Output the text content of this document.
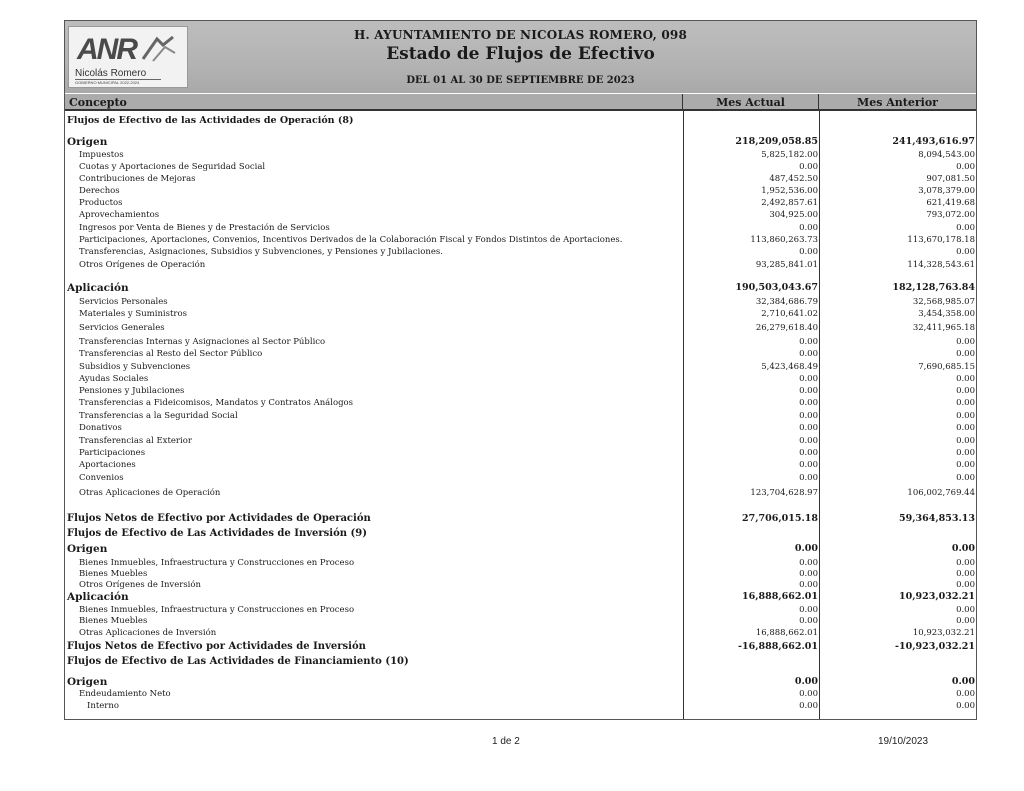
ANR
Nicolás Romero
GOBIERNO MUNICIPAL 2022-2024
H. AYUNTAMIENTO DE NICOLAS ROMERO, 098
Estado de Flujos de Efectivo
DEL 01 AL 30 DE SEPTIEMBRE DE 2023
Concepto	Mes Actual	Mes Anterior
Flujos de Efectivo de las Actividades de Operación (8)
Origen	218,209,058.85	241,493,616.97
Impuestos	5,825,182.00	8,094,543.00
Cuotas y Aportaciones de Seguridad Social	0.00	0.00
Contribuciones de Mejoras	487,452.50	907,081.50
Derechos	1,952,536.00	3,078,379.00
Productos	2,492,857.61	621,419.68
Aprovechamientos	304,925.00	793,072.00
Ingresos por Venta de Bienes y de Prestación de Servicios	0.00	0.00
Participaciones, Aportaciones, Convenios, Incentivos Derivados de la Colaboración Fiscal y Fondos Distintos de Aportaciones.	113,860,263.73	113,670,178.18
Transferencias, Asignaciones, Subsidios y Subvenciones, y Pensiones y Jubilaciones.	0.00	0.00
Otros Orígenes de Operación	93,285,841.01	114,328,543.61
Aplicación	190,503,043.67	182,128,763.84
Servicios Personales	32,384,686.79	32,568,985.07
Materiales y Suministros	2,710,641.02	3,454,358.00
Servicios Generales	26,279,618.40	32,411,965.18
Transferencias Internas y Asignaciones al Sector Público	0.00	0.00
Transferencias al Resto del Sector Público	0.00	0.00
Subsidios y Subvenciones	5,423,468.49	7,690,685.15
Ayudas Sociales	0.00	0.00
Pensiones y Jubilaciones	0.00	0.00
Transferencias a Fideicomisos, Mandatos y Contratos Análogos	0.00	0.00
Transferencias a la Seguridad Social	0.00	0.00
Donativos	0.00	0.00
Transferencias al Exterior	0.00	0.00
Participaciones	0.00	0.00
Aportaciones	0.00	0.00
Convenios	0.00	0.00
Otras Aplicaciones de Operación	123,704,628.97	106,002,769.44
Flujos Netos de Efectivo por Actividades de Operación	27,706,015.18	59,364,853.13
Flujos de Efectivo de Las Actividades de Inversión (9)
Origen	0.00	0.00
Bienes Inmuebles, Infraestructura y Construcciones en Proceso	0.00	0.00
Bienes Muebles	0.00	0.00
Otros Orígenes de Inversión	0.00	0.00
Aplicación	16,888,662.01	10,923,032.21
Bienes Inmuebles, Infraestructura y Construcciones en Proceso	0.00	0.00
Bienes Muebles	0.00	0.00
Otras Aplicaciones de Inversión	16,888,662.01	10,923,032.21
Flujos Netos de Efectivo por Actividades de Inversión	-16,888,662.01	-10,923,032.21
Flujos de Efectivo de Las Actividades de Financiamiento (10)
Origen	0.00	0.00
Endeudamiento Neto	0.00	0.00
Interno	0.00	0.00
1 de 2	19/10/2023
